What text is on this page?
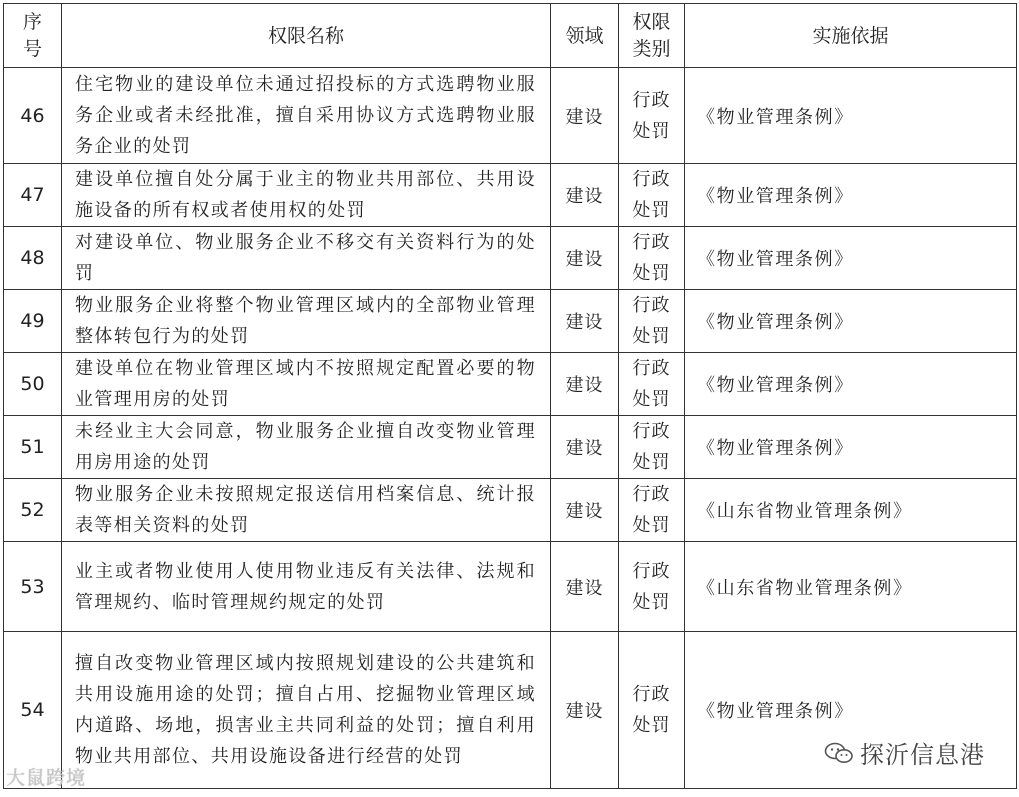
序号	权限名称	领域	权限类别	实施依据
46	住宅物业的建设单位未通过招投标的方式选聘物业服务企业或者未经批准，擅自采用协议方式选聘物业服务企业的处罚	建设	行政处罚	《物业管理条例》
47	建设单位擅自处分属于业主的物业共用部位、共用设施设备的所有权或者使用权的处罚	建设	行政处罚	《物业管理条例》
48	对建设单位、物业服务企业不移交有关资料行为的处罚	建设	行政处罚	《物业管理条例》
49	物业服务企业将整个物业管理区域内的全部物业管理整体转包行为的处罚	建设	行政处罚	《物业管理条例》
50	建设单位在物业管理区域内不按照规定配置必要的物业管理用房的处罚	建设	行政处罚	《物业管理条例》
51	未经业主大会同意，物业服务企业擅自改变物业管理用房用途的处罚	建设	行政处罚	《物业管理条例》
52	物业服务企业未按照规定报送信用档案信息、统计报表等相关资料的处罚	建设	行政处罚	《山东省物业管理条例》
53	业主或者物业使用人使用物业违反有关法律、法规和管理规约、临时管理规约规定的处罚	建设	行政处罚	《山东省物业管理条例》
54	擅自改变物业管理区域内按照规划建设的公共建筑和共用设施用途的处罚；擅自占用、挖掘物业管理区域内道路、场地，损害业主共同利益的处罚；擅自利用物业共用部位、共用设施设备进行经营的处罚	建设	行政处罚	《物业管理条例》
大鼠跨境
探沂信息港
